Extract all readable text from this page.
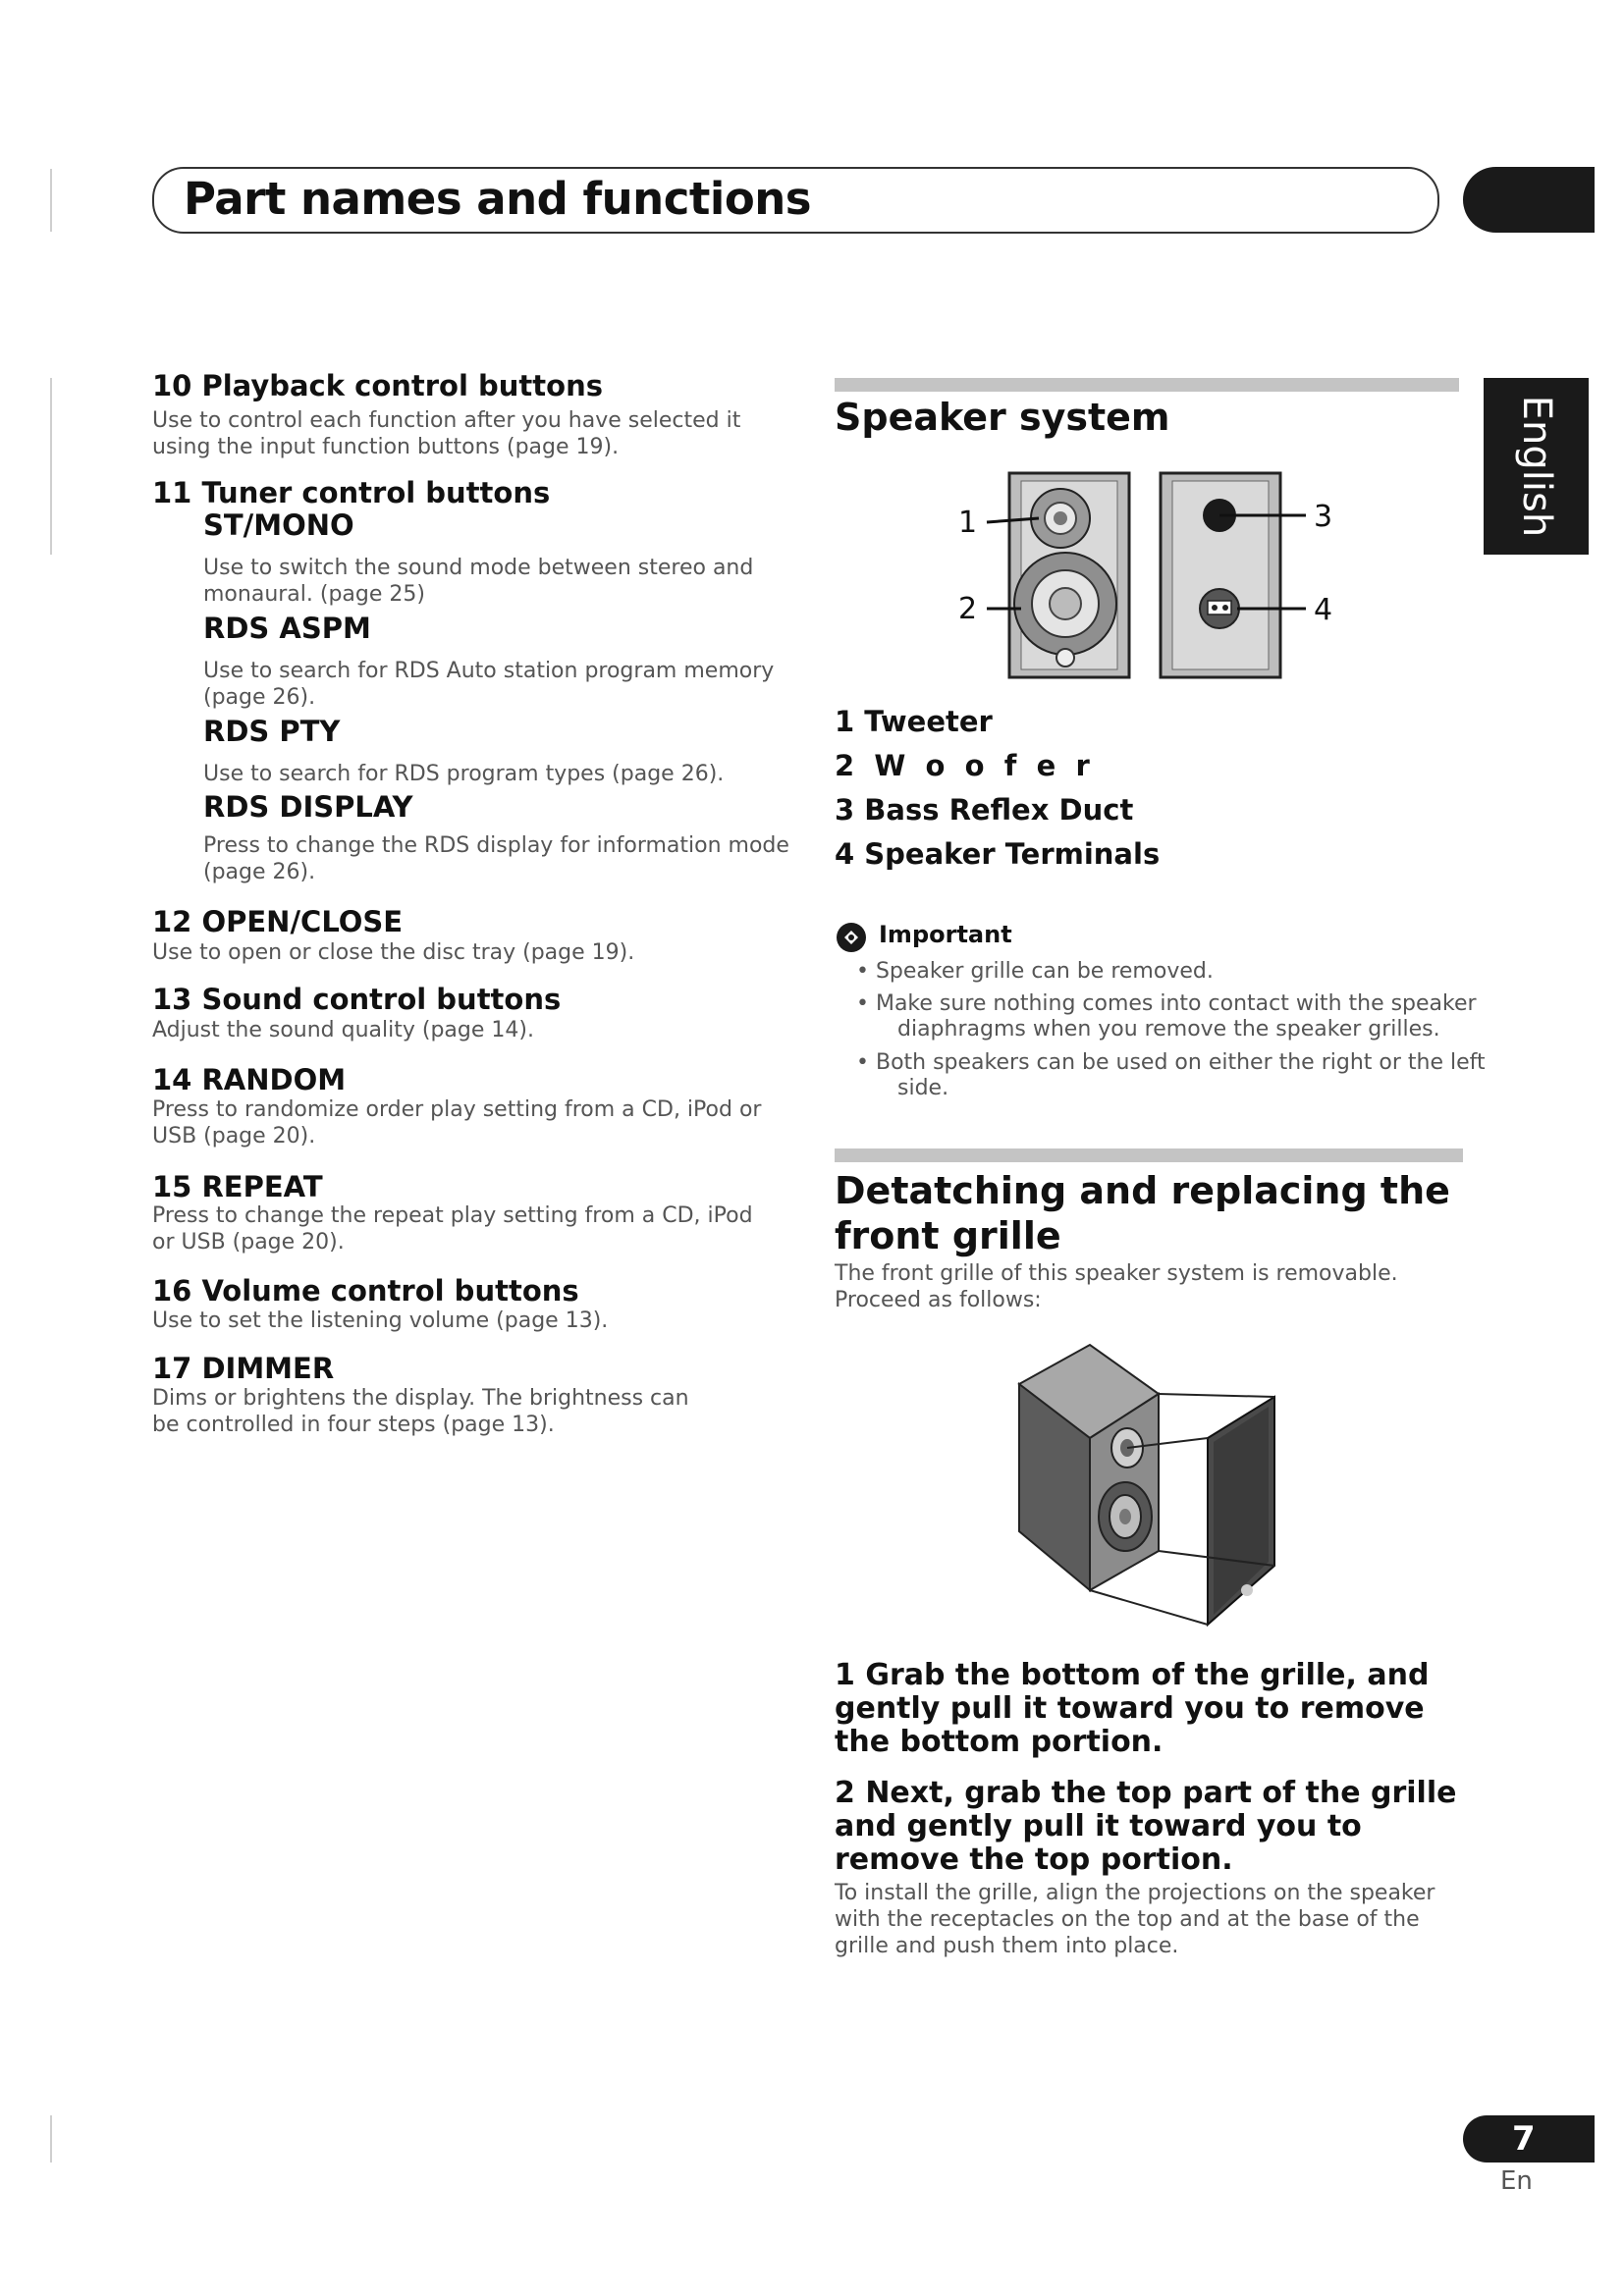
Part names and functions
English
10 Playback control buttons
Use to control each function after you have selected it using the input function buttons (page 19).
11 Tuner control buttons
ST/MONO
Use to switch the sound mode between stereo and monaural. (page 25)
RDS ASPM
Use to search for RDS Auto station program memory (page 26).
RDS PTY
Use to search for RDS program types (page 26).
RDS DISPLAY
Press to change the RDS display for information mode (page 26).
12 OPEN/CLOSE
Use to open or close the disc tray (page 19).
13 Sound control buttons
Adjust the sound quality (page 14).
14 RANDOM
Press to randomize order play setting from a CD, iPod or USB (page 20).
15 REPEAT
Press to change the repeat play setting from a CD, iPod or USB (page 20).
16 Volume control buttons
Use to set the listening volume (page 13).
17 DIMMER
Dims or brightens the display. The brightness can be controlled in four steps (page 13).
Speaker system
1
2
3
4
1 Tweeter
2  W  o  o  f  e  r
3 Bass Reflex Duct
4 Speaker Terminals
Important
• Speaker grille can be removed.
• Make sure nothing comes into contact with the speaker diaphragms when you remove the speaker grilles.
• Both speakers can be used on either the right or the left side.
Detatching and replacing the front grille
The front grille of this speaker system is removable. Proceed as follows:
1 Grab the bottom of the grille, and gently pull it toward you to remove the bottom portion.
2 Next, grab the top part of the grille and gently pull it toward you to remove the top portion.
To install the grille, align the projections on the speaker with the receptacles on the top and at the base of the grille and push them into place.
7
En
